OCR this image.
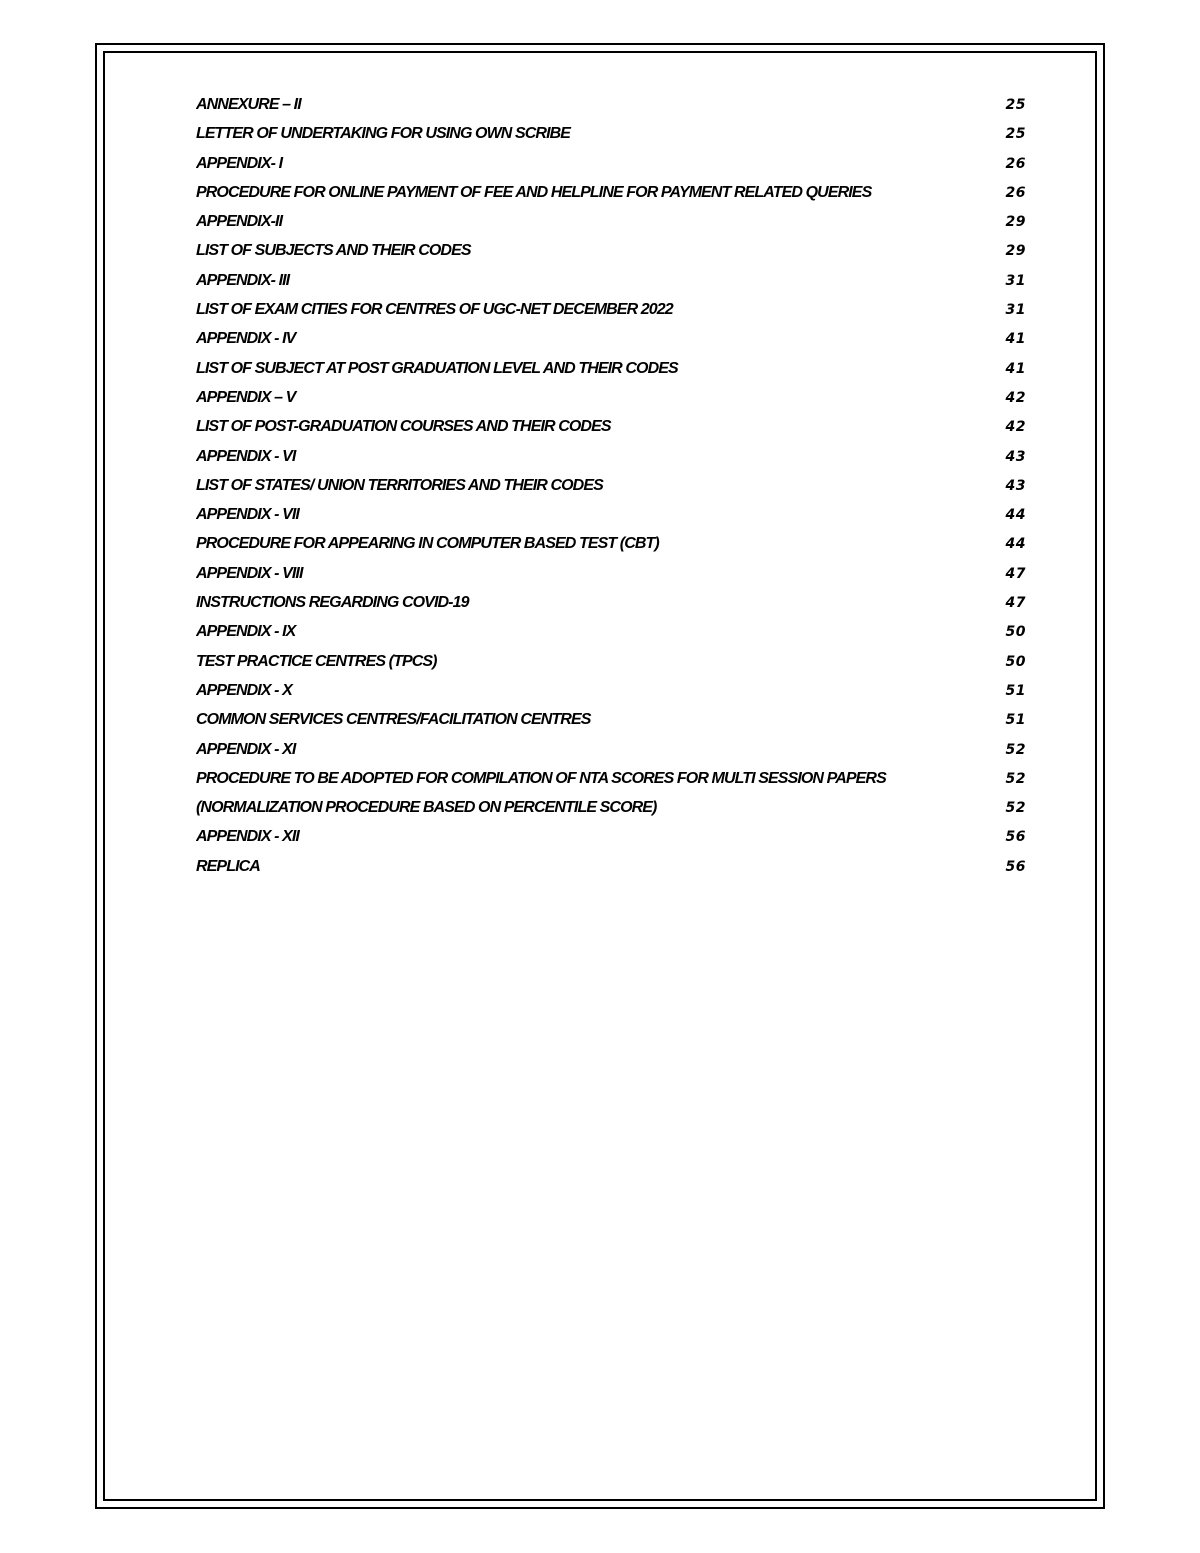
ANNEXURE – II	25
LETTER OF UNDERTAKING FOR USING OWN SCRIBE	25
APPENDIX- I	26
PROCEDURE FOR ONLINE PAYMENT OF FEE AND HELPLINE FOR PAYMENT RELATED QUERIES	26
APPENDIX-II	29
LIST OF SUBJECTS AND THEIR CODES	29
APPENDIX- III	31
LIST OF EXAM CITIES FOR CENTRES OF UGC-NET DECEMBER 2022	31
APPENDIX - IV	41
LIST OF SUBJECT AT POST GRADUATION LEVEL AND THEIR CODES	41
APPENDIX – V	42
LIST OF POST-GRADUATION COURSES AND THEIR CODES	42
APPENDIX - VI	43
LIST OF STATES/ UNION TERRITORIES AND THEIR CODES	43
APPENDIX - VII	44
PROCEDURE FOR APPEARING IN COMPUTER BASED TEST (CBT)	44
APPENDIX - VIII	47
INSTRUCTIONS REGARDING COVID-19	47
APPENDIX - IX	50
TEST PRACTICE CENTRES (TPCS)	50
APPENDIX - X	51
COMMON SERVICES CENTRES/FACILITATION CENTRES	51
APPENDIX - XI	52
PROCEDURE TO BE ADOPTED FOR COMPILATION OF NTA SCORES FOR MULTI SESSION PAPERS	52
(NORMALIZATION PROCEDURE BASED ON PERCENTILE SCORE)	52
APPENDIX - XII	56
REPLICA	56
